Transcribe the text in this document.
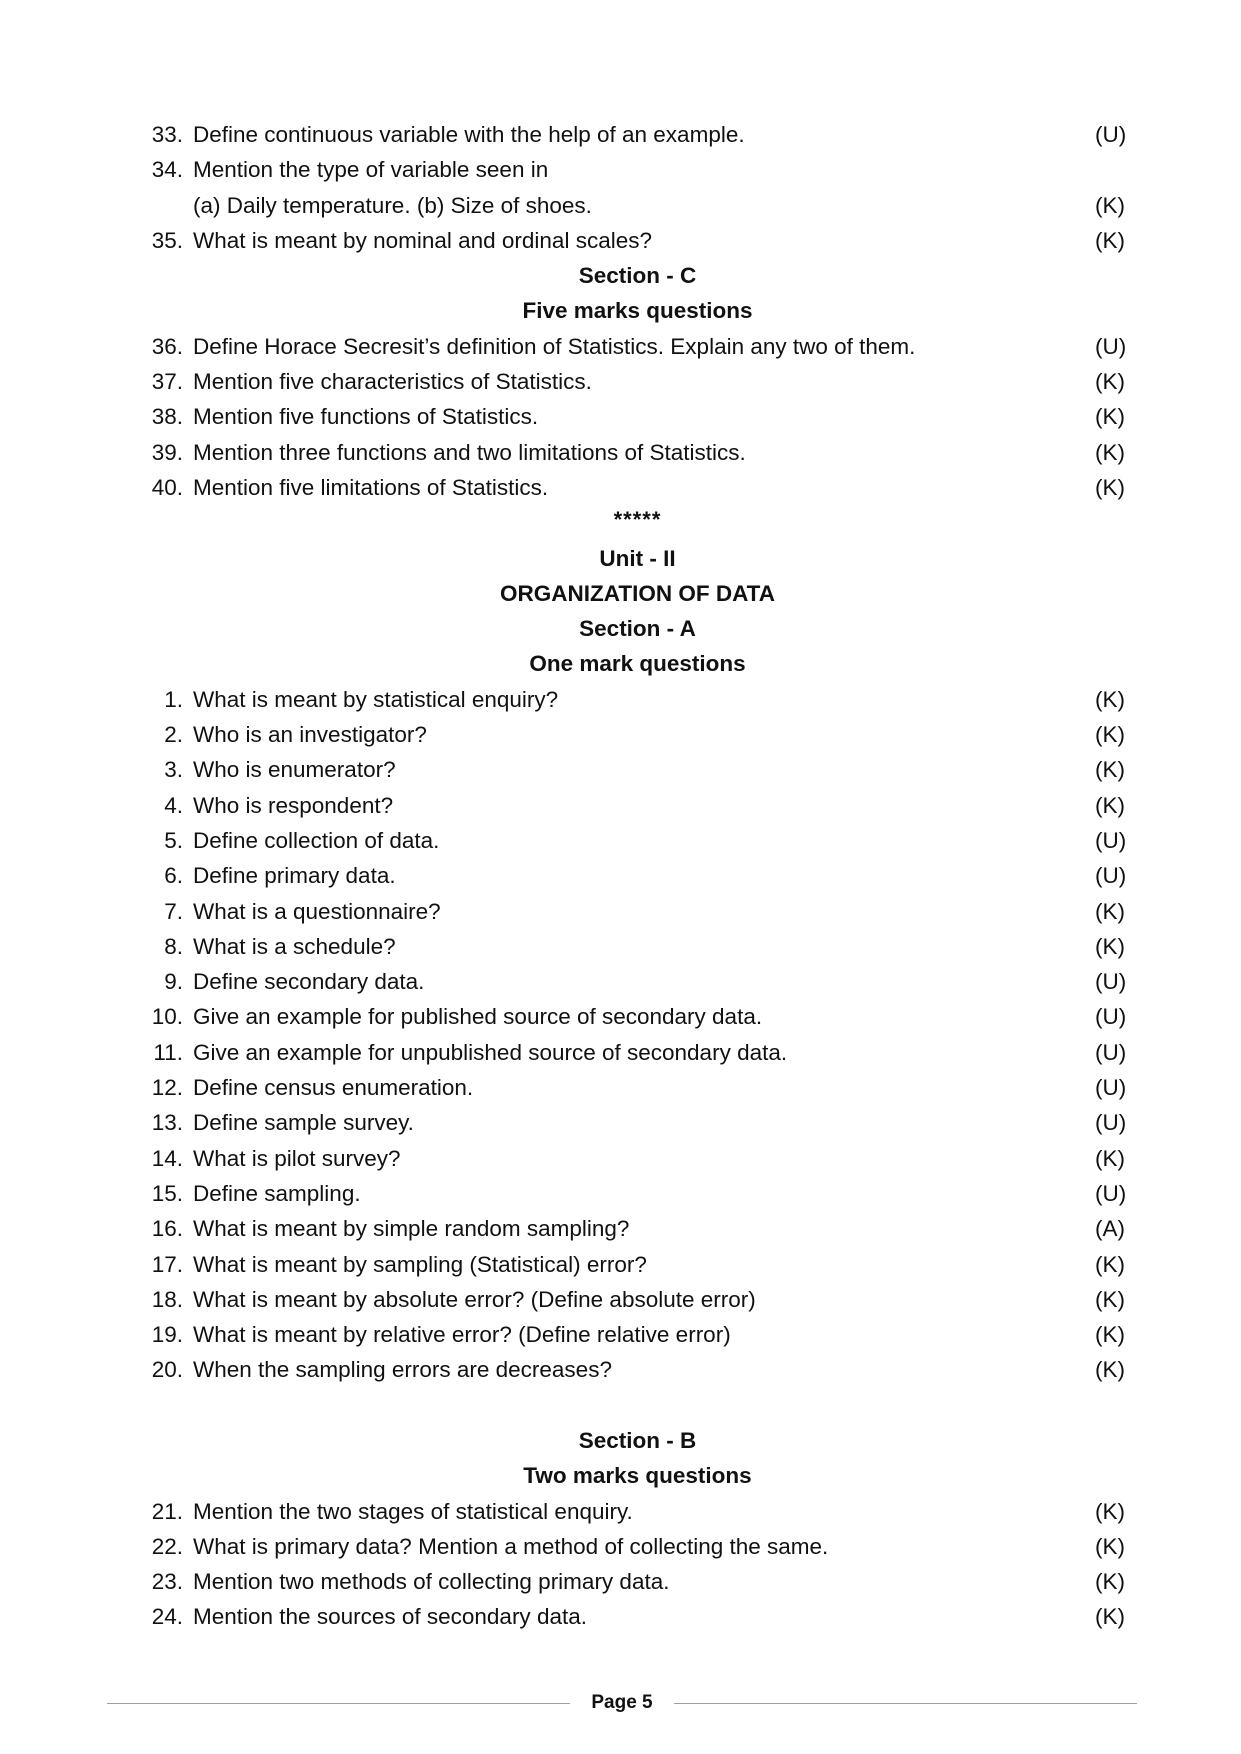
33. Define continuous variable with the help of an example.	(U)
34. Mention the type of variable seen in
(a) Daily temperature. (b) Size of shoes.	(K)
35. What is meant by nominal and ordinal scales?	(K)
Section - C
Five marks questions
36. Define Horace Secresit’s definition of Statistics. Explain any two of them.	(U)
37. Mention five characteristics of Statistics.	(K)
38. Mention five functions of Statistics.	(K)
39. Mention three functions and two limitations of Statistics.	(K)
40. Mention five limitations of Statistics.	(K)
*****
Unit - II
ORGANIZATION OF DATA
Section - A
One mark questions
1. What is meant by statistical enquiry?	(K)
2. Who is an investigator?	(K)
3. Who is enumerator?	(K)
4. Who is respondent?	(K)
5. Define collection of data.	(U)
6. Define primary data.	(U)
7. What is a questionnaire?	(K)
8. What is a schedule?	(K)
9. Define secondary data.	(U)
10. Give an example for published source of secondary data.	(U)
11. Give an example for unpublished source of secondary data.	(U)
12. Define census enumeration.	(U)
13. Define sample survey.	(U)
14. What is pilot survey?	(K)
15. Define sampling.	(U)
16. What is meant by simple random sampling?	(A)
17. What is meant by sampling (Statistical) error?	(K)
18. What is meant by absolute error? (Define absolute error)	(K)
19. What is meant by relative error? (Define relative error)	(K)
20. When the sampling errors are decreases?	(K)
Section - B
Two marks questions
21. Mention the two stages of statistical enquiry.	(K)
22. What is primary data? Mention a method of collecting the same.	(K)
23. Mention two methods of collecting primary data.	(K)
24. Mention the sources of secondary data.	(K)
Page 5
